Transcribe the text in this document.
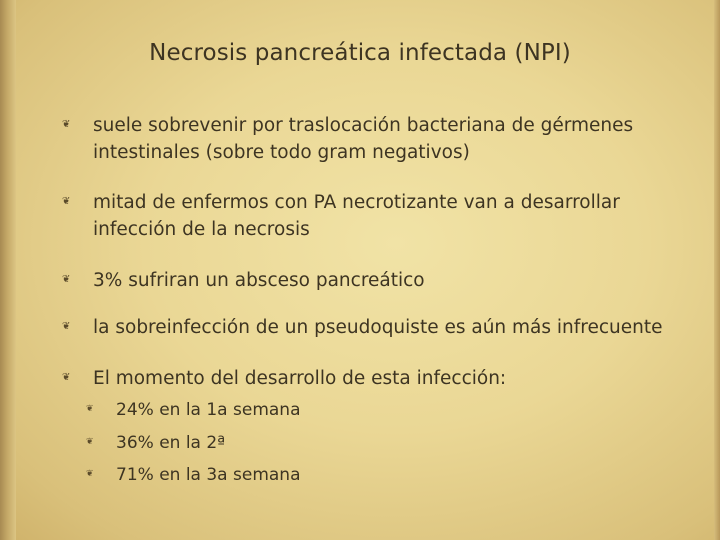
Necrosis pancreática infectada (NPI)
❦ suele sobrevenir por traslocación bacteriana de gérmenes
intestinales (sobre todo gram negativos)
❦ mitad de enfermos con PA necrotizante van a desarrollar
infección de la necrosis
❦ 3% sufriran un absceso pancreático
❦ la sobreinfección de un pseudoquiste es aún más infrecuente
❦ El momento del desarrollo de esta infección:
❦ 24% en la 1a semana
❦ 36% en la 2ª
❦ 71% en la 3a semana
